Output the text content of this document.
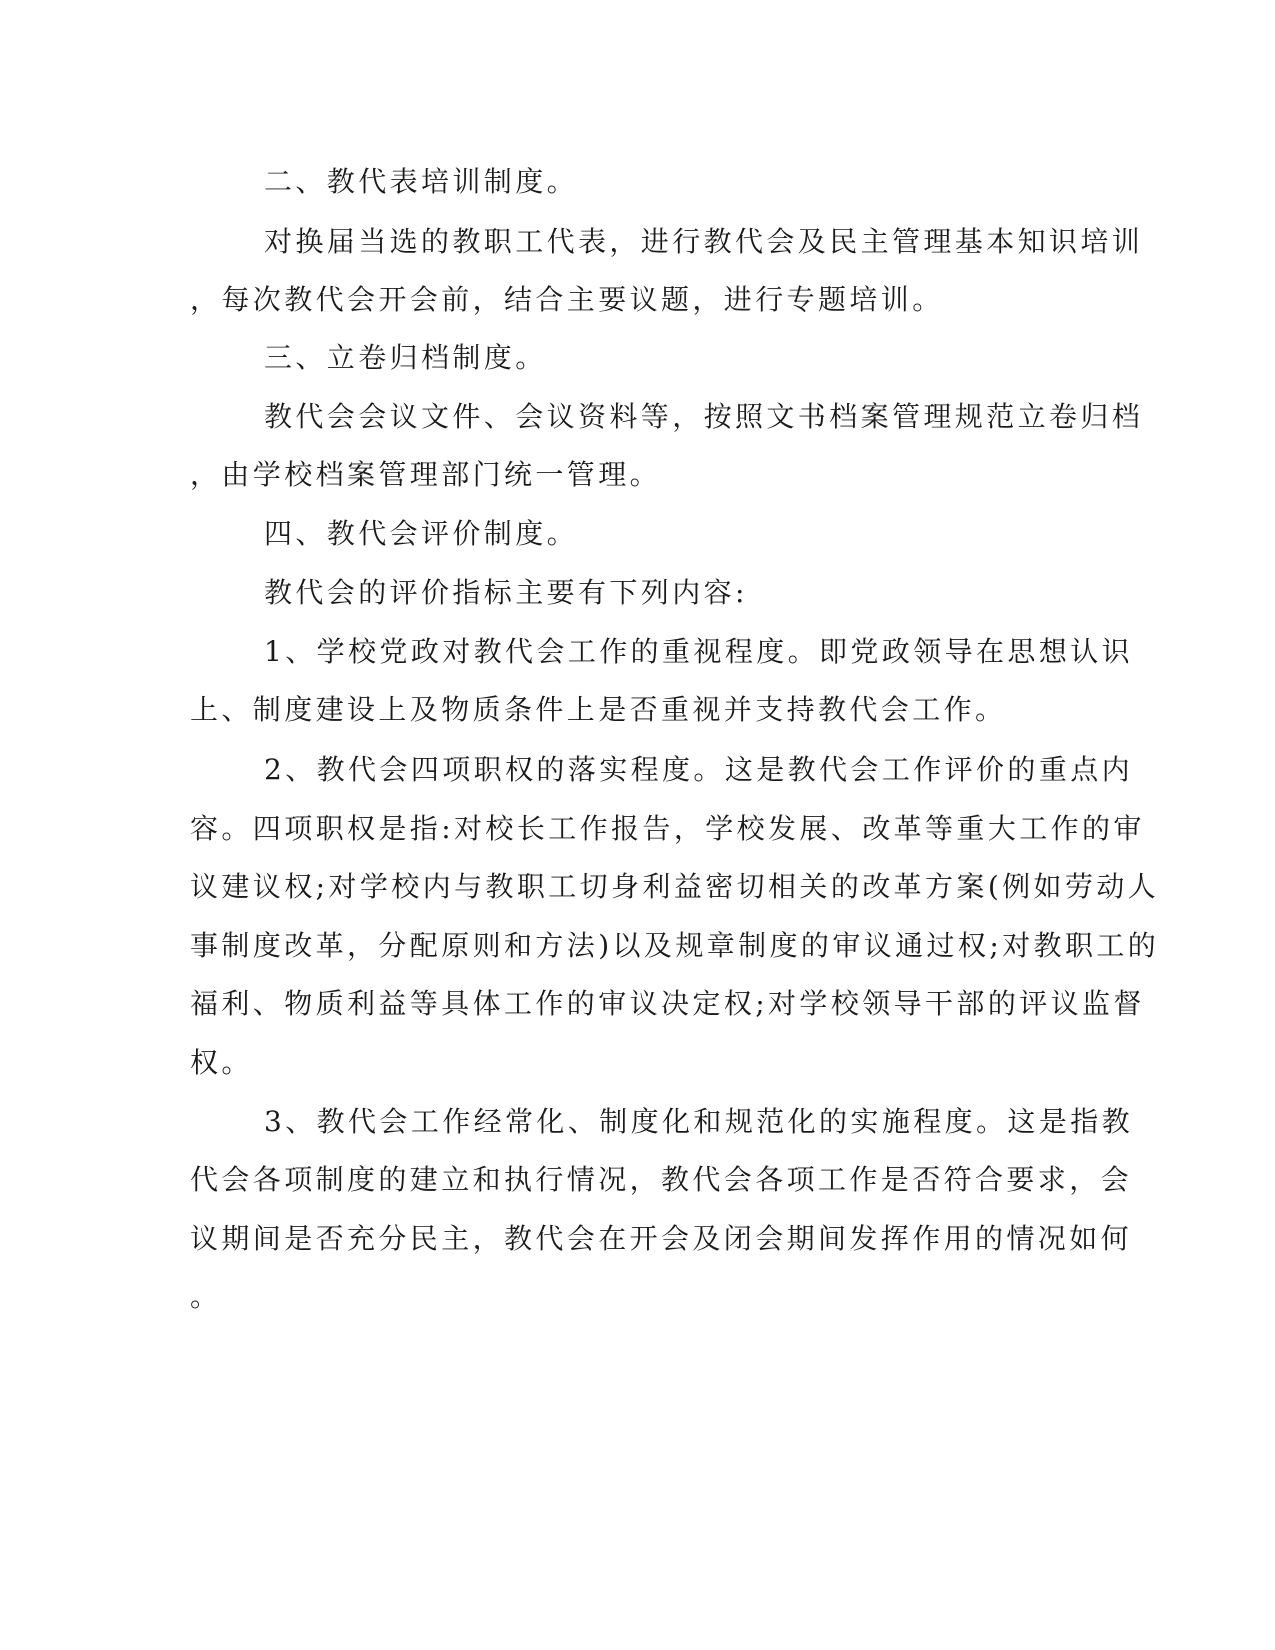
二、教代表培训制度。

对换届当选的教职工代表，进行教代会及民主管理基本知识培训

，每次教代会开会前，结合主要议题，进行专题培训。

三、立卷归档制度。

教代会会议文件、会议资料等，按照文书档案管理规范立卷归档

，由学校档案管理部门统一管理。

四、教代会评价制度。

教代会的评价指标主要有下列内容:

1、学校党政对教代会工作的重视程度。即党政领导在思想认识

上、制度建设上及物质条件上是否重视并支持教代会工作。

2、教代会四项职权的落实程度。这是教代会工作评价的重点内

容。四项职权是指:对校长工作报告，学校发展、改革等重大工作的审

议建议权;对学校内与教职工切身利益密切相关的改革方案(例如劳动人

事制度改革，分配原则和方法)以及规章制度的审议通过权;对教职工的

福利、物质利益等具体工作的审议决定权;对学校领导干部的评议监督

权。

3、教代会工作经常化、制度化和规范化的实施程度。这是指教

代会各项制度的建立和执行情况，教代会各项工作是否符合要求，会

议期间是否充分民主，教代会在开会及闭会期间发挥作用的情况如何

。
